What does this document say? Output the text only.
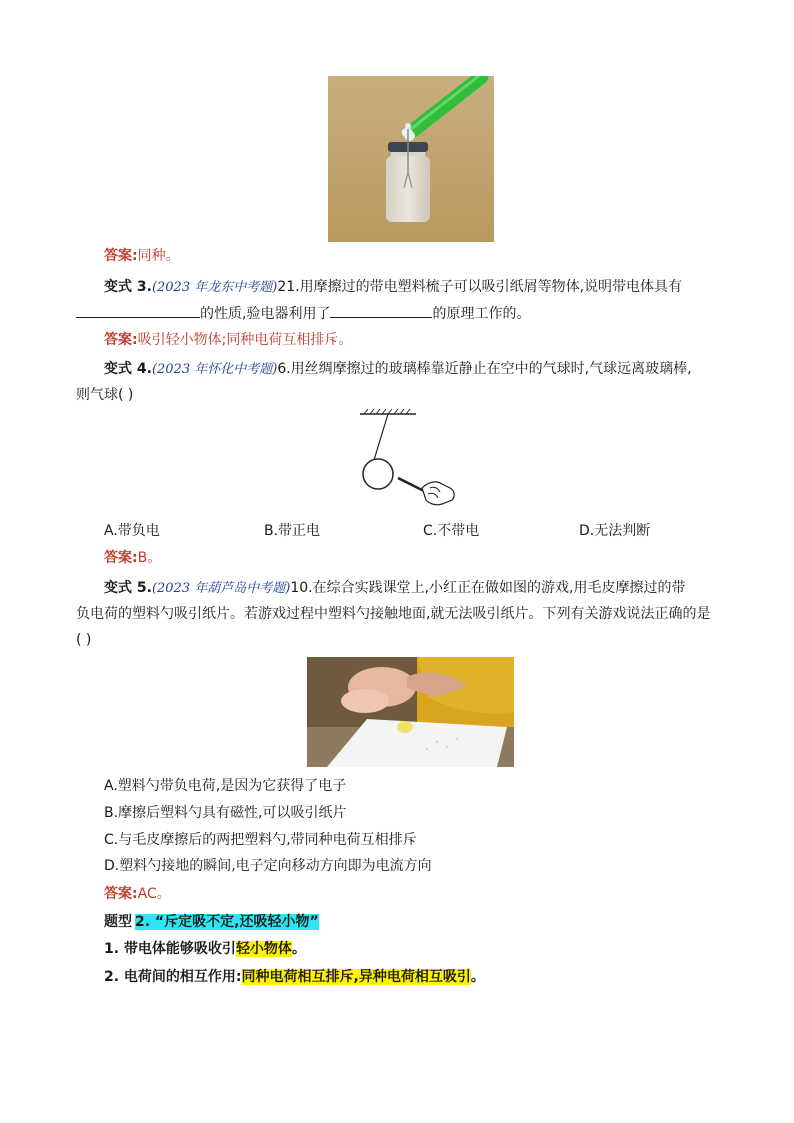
答案:同种。
变式 3.(2023 年龙东中考题)21.用摩擦过的带电塑料梳子可以吸引纸屑等物体,说明带电体具有
的性质,验电器利用了	的原理工作的。
答案:吸引轻小物体;同种电荷互相排斥。
变式 4.(2023 年怀化中考题)6.用丝绸摩擦过的玻璃棒靠近静止在空中的气球时,气球远离玻璃棒,
则气球( )
A.带负电	B.带正电	C.不带电	D.无法判断
答案:B。
变式 5.(2023 年葫芦岛中考题)10.在综合实践课堂上,小红正在做如图的游戏,用毛皮摩擦过的带
负电荷的塑料勺吸引纸片。若游戏过程中塑料勺接触地面,就无法吸引纸片。下列有关游戏说法正确的是
( )
A.塑料勺带负电荷,是因为它获得了电子
B.摩擦后塑料勺具有磁性,可以吸引纸片
C.与毛皮摩擦后的两把塑料勺,带同种电荷互相排斥
D.塑料勺接地的瞬间,电子定向移动方向即为电流方向
答案:AC。
题型 2. “斥定吸不定,还吸轻小物”
1. 带电体能够吸收引轻小物体。
2. 电荷间的相互作用:同种电荷相互排斥,异种电荷相互吸引。
